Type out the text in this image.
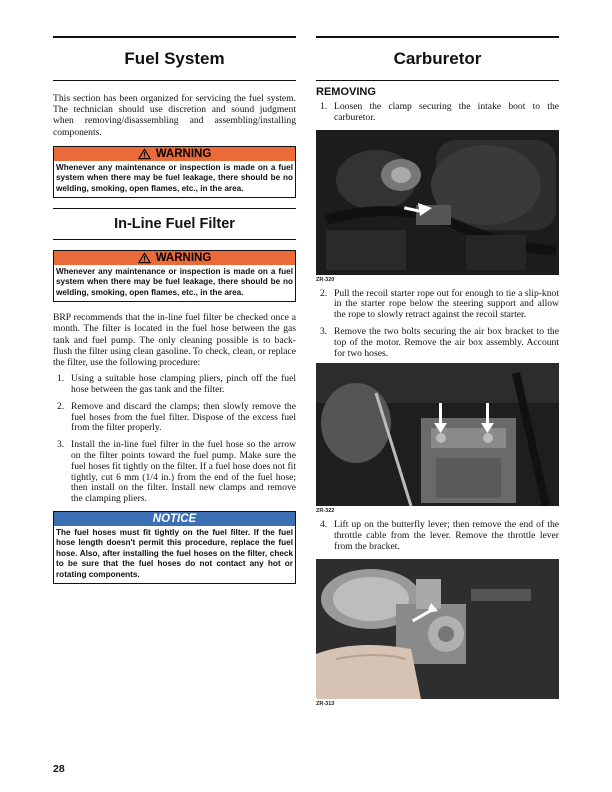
Fuel System

This section has been organized for servicing the fuel system. The technician should use discretion and sound judgment when removing/disassembling and assembling/installing components.

WARNING
Whenever any maintenance or inspection is made on a fuel system when there may be fuel leakage, there should be no welding, smoking, open flames, etc., in the area.
In-Line Fuel Filter
WARNING
Whenever any maintenance or inspection is made on a fuel system when there may be fuel leakage, there should be no welding, smoking, open flames, etc., in the area.

BRP recommends that the in-line fuel filter be checked once a month. The filter is located in the fuel hose between the gas tank and fuel pump. The only cleaning possible is to back-flush the filter using clean gasoline. To check, clean, or replace the filter, use the following procedure:

1. Using a suitable hose clamping pliers, pinch off the fuel hose between the gas tank and the filter.
2. Remove and discard the clamps; then slowly remove the fuel hoses from the fuel filter. Dispose of the excess fuel from the filter properly.
3. Install the in-line fuel filter in the fuel hose so the arrow on the filter points toward the fuel pump. Make sure the fuel hoses fit tightly on the filter. If a fuel hose does not fit tightly, cut 6 mm (1/4 in.) from the end of the fuel hose; then install on the filter. Install new clamps and remove the clamping pliers.
NOTICE
The fuel hoses must fit tightly on the fuel filter. If the fuel hose length doesn't permit this procedure, replace the fuel hose. Also, after installing the fuel hoses on the filter, check to be sure that the fuel hoses do not contact any hot or rotating components.
Carburetor

REMOVING

1. Loosen the clamp securing the intake boot to the carburetor.
ZR-320
2. Pull the recoil starter rope out for enough to tie a slip-knot in the starter rope below the steering support and allow the rope to slowly retract against the recoil starter.
3. Remove the two bolts securing the air box bracket to the top of the motor. Remove the air box assembly. Account for two hoses.
ZR-322
4. Lift up on the butterfly lever; then remove the end of the throttle cable from the lever. Remove the throttle lever from the bracket.
ZR-313
28
